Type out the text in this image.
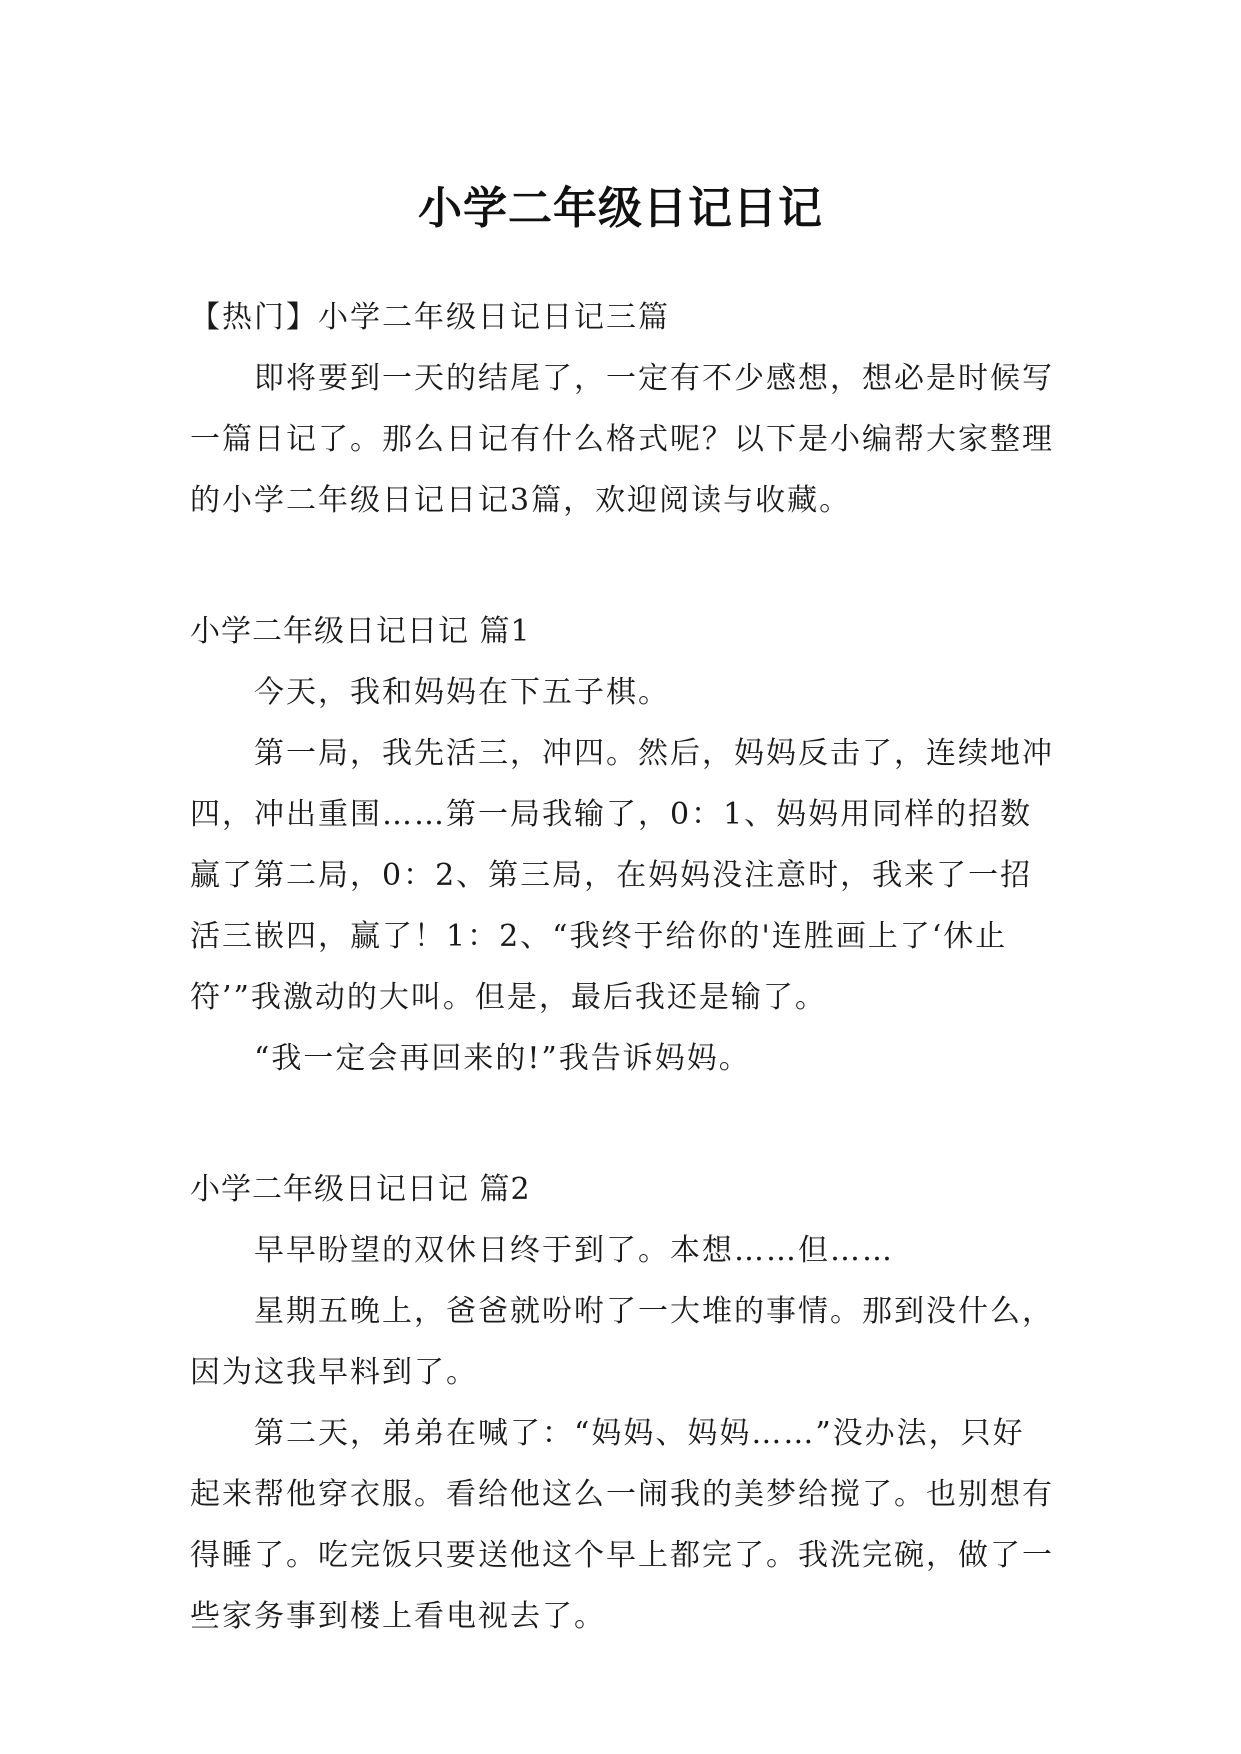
小学二年级日记日记

【热门】小学二年级日记日记三篇

即将要到一天的结尾了，一定有不少感想，想必是时候写一篇日记了。那么日记有什么格式呢？以下是小编帮大家整理的小学二年级日记日记3篇，欢迎阅读与收藏。

小学二年级日记日记 篇1

今天，我和妈妈在下五子棋。

第一局，我先活三，冲四。然后，妈妈反击了，连续地冲四，冲出重围……第一局我输了，0：1、妈妈用同样的招数赢了第二局，0：2、第三局，在妈妈没注意时，我来了一招活三嵌四，赢了！1：2、“我终于给你的'连胜画上了‘休止符’”我激动的大叫。但是，最后我还是输了。

“我一定会再回来的!”我告诉妈妈。

小学二年级日记日记 篇2

早早盼望的双休日终于到了。本想……但……

星期五晚上，爸爸就吩咐了一大堆的事情。那到没什么，因为这我早料到了。

第二天，弟弟在喊了：“妈妈、妈妈……”没办法，只好起来帮他穿衣服。看给他这么一闹我的美梦给搅了。也别想有得睡了。吃完饭只要送他这个早上都完了。我洗完碗，做了一些家务事到楼上看电视去了。
